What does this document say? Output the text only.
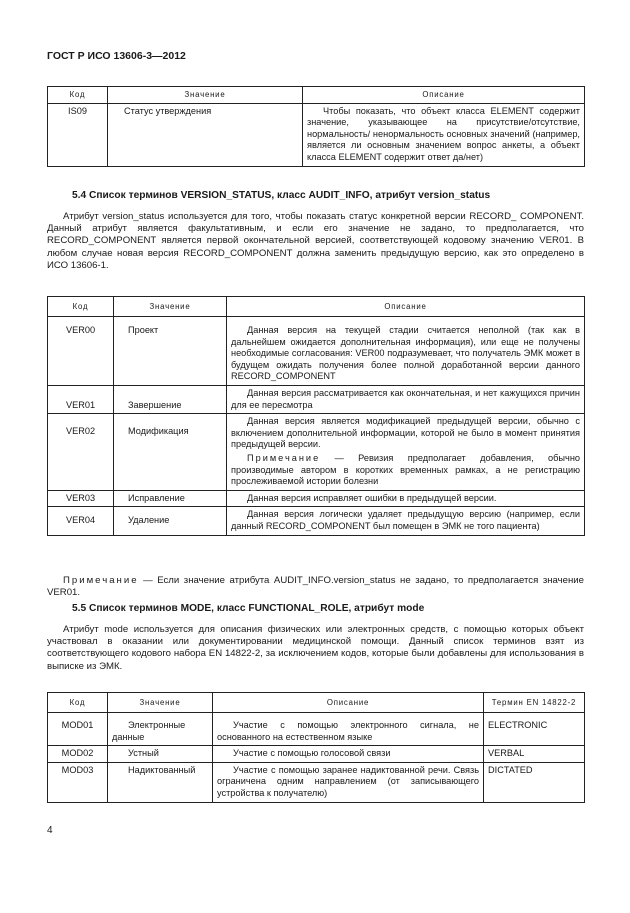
ГОСТ Р ИСО 13606-3—2012
Код	Значение	Описание
IS09	Статус утверждения	Чтобы показать, что объект класса ELEMENT содержит значение, указывающее на присутствие/отсутствие, нормальность/ ненормальность основных значений (например, является ли основным значением вопрос анкеты, а объект класса ELEMENT содержит ответ да/нет)
5.4 Список терминов VERSION_STATUS, класс AUDIT_INFO, атрибут version_status
Атрибут version_status используется для того, чтобы показать статус конкретной версии RECORD_ COMPONENT. Данный атрибут является факультативным, и если его значение не задано, то предполагается, что RECORD_COMPONENT является первой окончательной версией, соответствующей кодовому значению VER01. В любом случае новая версия RECORD_COMPONENT должна заменить предыдущую версию, как это определено в ИСО 13606-1.
Код	Значение	Описание
VER00	Проект	Данная версия на текущей стадии считается неполной (так как в дальнейшем ожидается дополнительная информация), или еще не получены необходимые согласования: VER00 подразумевает, что получатель ЭМК может в будущем ожидать получения более полной доработанной версии данного RECORD_COMPONENT
VER01	Завершение	Данная версия рассматривается как окончательная, и нет кажущихся причин для ее пересмотра
VER02	Модификация	Данная версия является модификацией предыдущей версии, обычно с включением дополнительной информации, которой не было в момент принятия предыдущей версии.
Примечание — Ревизия предполагает добавления, обычно производимые автором в коротких временных рамках, а не регистрацию прослеживаемой истории болезни

VER03	Исправление	Данная версия исправляет ошибки в предыдущей версии.
VER04	Удаление	Данная версия логически удаляет предыдущую версию (например, если данный RECORD_COMPONENT был помещен в ЭМК не того пациента)
Примечание — Если значение атрибута AUDIT_INFO.version_status не задано, то предполагается значение VER01.
5.5 Список терминов MODE, класс FUNCTIONAL_ROLE, атрибут mode
Атрибут mode используется для описания физических или электронных средств, с помощью которых объект участвовал в оказании или документировании медицинской помощи. Данный список терминов взят из соответствующего кодового набора EN 14822-2, за исключением кодов, которые были добавлены для использования в выписке из ЭМК.
Код	Значение	Описание	Термин EN 14822-2
MOD01	Электронные данные	Участие с помощью электронного сигнала, не основанного на естественном языке	ELECTRONIC
MOD02	Устный	Участие с помощью голосовой связи	VERBAL
MOD03	Надиктованный	Участие с помощью заранее надиктованной речи. Связь ограничена одним направлением (от записывающего устройства к получателю)	DICTATED
4
